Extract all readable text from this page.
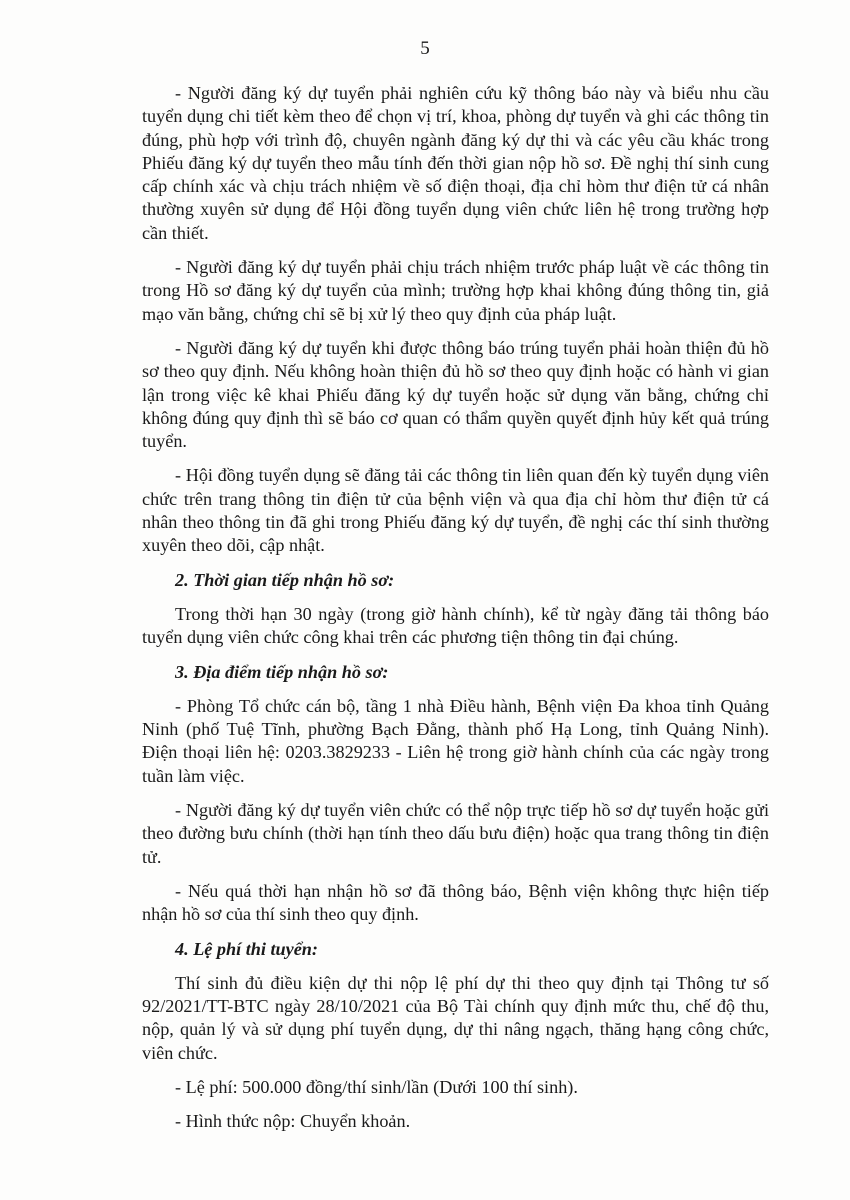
5

- Người đăng ký dự tuyển phải nghiên cứu kỹ thông báo này và biểu nhu cầu tuyển dụng chi tiết kèm theo để chọn vị trí, khoa, phòng dự tuyển và ghi các thông tin đúng, phù hợp với trình độ, chuyên ngành đăng ký dự thi và các yêu cầu khác trong Phiếu đăng ký dự tuyển theo mẫu tính đến thời gian nộp hồ sơ. Đề nghị thí sinh cung cấp chính xác và chịu trách nhiệm về số điện thoại, địa chỉ hòm thư điện tử cá nhân thường xuyên sử dụng để Hội đồng tuyển dụng viên chức liên hệ trong trường hợp cần thiết.

- Người đăng ký dự tuyển phải chịu trách nhiệm trước pháp luật về các thông tin trong Hồ sơ đăng ký dự tuyển của mình; trường hợp khai không đúng thông tin, giả mạo văn bằng, chứng chỉ sẽ bị xử lý theo quy định của pháp luật.

- Người đăng ký dự tuyển khi được thông báo trúng tuyển phải hoàn thiện đủ hồ sơ theo quy định. Nếu không hoàn thiện đủ hồ sơ theo quy định hoặc có hành vi gian lận trong việc kê khai Phiếu đăng ký dự tuyển hoặc sử dụng văn bằng, chứng chỉ không đúng quy định thì sẽ báo cơ quan có thẩm quyền quyết định hủy kết quả trúng tuyển.

- Hội đồng tuyển dụng sẽ đăng tải các thông tin liên quan đến kỳ tuyển dụng viên chức trên trang thông tin điện tử của bệnh viện và qua địa chỉ hòm thư điện tử cá nhân theo thông tin đã ghi trong Phiếu đăng ký dự tuyển, đề nghị các thí sinh thường xuyên theo dõi, cập nhật.

2. Thời gian tiếp nhận hồ sơ:

Trong thời hạn 30 ngày (trong giờ hành chính), kể từ ngày đăng tải thông báo tuyển dụng viên chức công khai trên các phương tiện thông tin đại chúng.

3. Địa điểm tiếp nhận hồ sơ:

- Phòng Tổ chức cán bộ, tầng 1 nhà Điều hành, Bệnh viện Đa khoa tỉnh Quảng Ninh (phố Tuệ Tĩnh, phường Bạch Đằng, thành phố Hạ Long, tỉnh Quảng Ninh). Điện thoại liên hệ: 0203.3829233 - Liên hệ trong giờ hành chính của các ngày trong tuần làm việc.

- Người đăng ký dự tuyển viên chức có thể nộp trực tiếp hồ sơ dự tuyển hoặc gửi theo đường bưu chính (thời hạn tính theo dấu bưu điện) hoặc qua trang thông tin điện tử.

- Nếu quá thời hạn nhận hồ sơ đã thông báo, Bệnh viện không thực hiện tiếp nhận hồ sơ của thí sinh theo quy định.

4. Lệ phí thi tuyển:

Thí sinh đủ điều kiện dự thi nộp lệ phí dự thi theo quy định tại Thông tư số 92/2021/TT-BTC ngày 28/10/2021 của Bộ Tài chính quy định mức thu, chế độ thu, nộp, quản lý và sử dụng phí tuyển dụng, dự thi nâng ngạch, thăng hạng công chức, viên chức.

- Lệ phí: 500.000 đồng/thí sinh/lần (Dưới 100 thí sinh).

- Hình thức nộp: Chuyển khoản.
